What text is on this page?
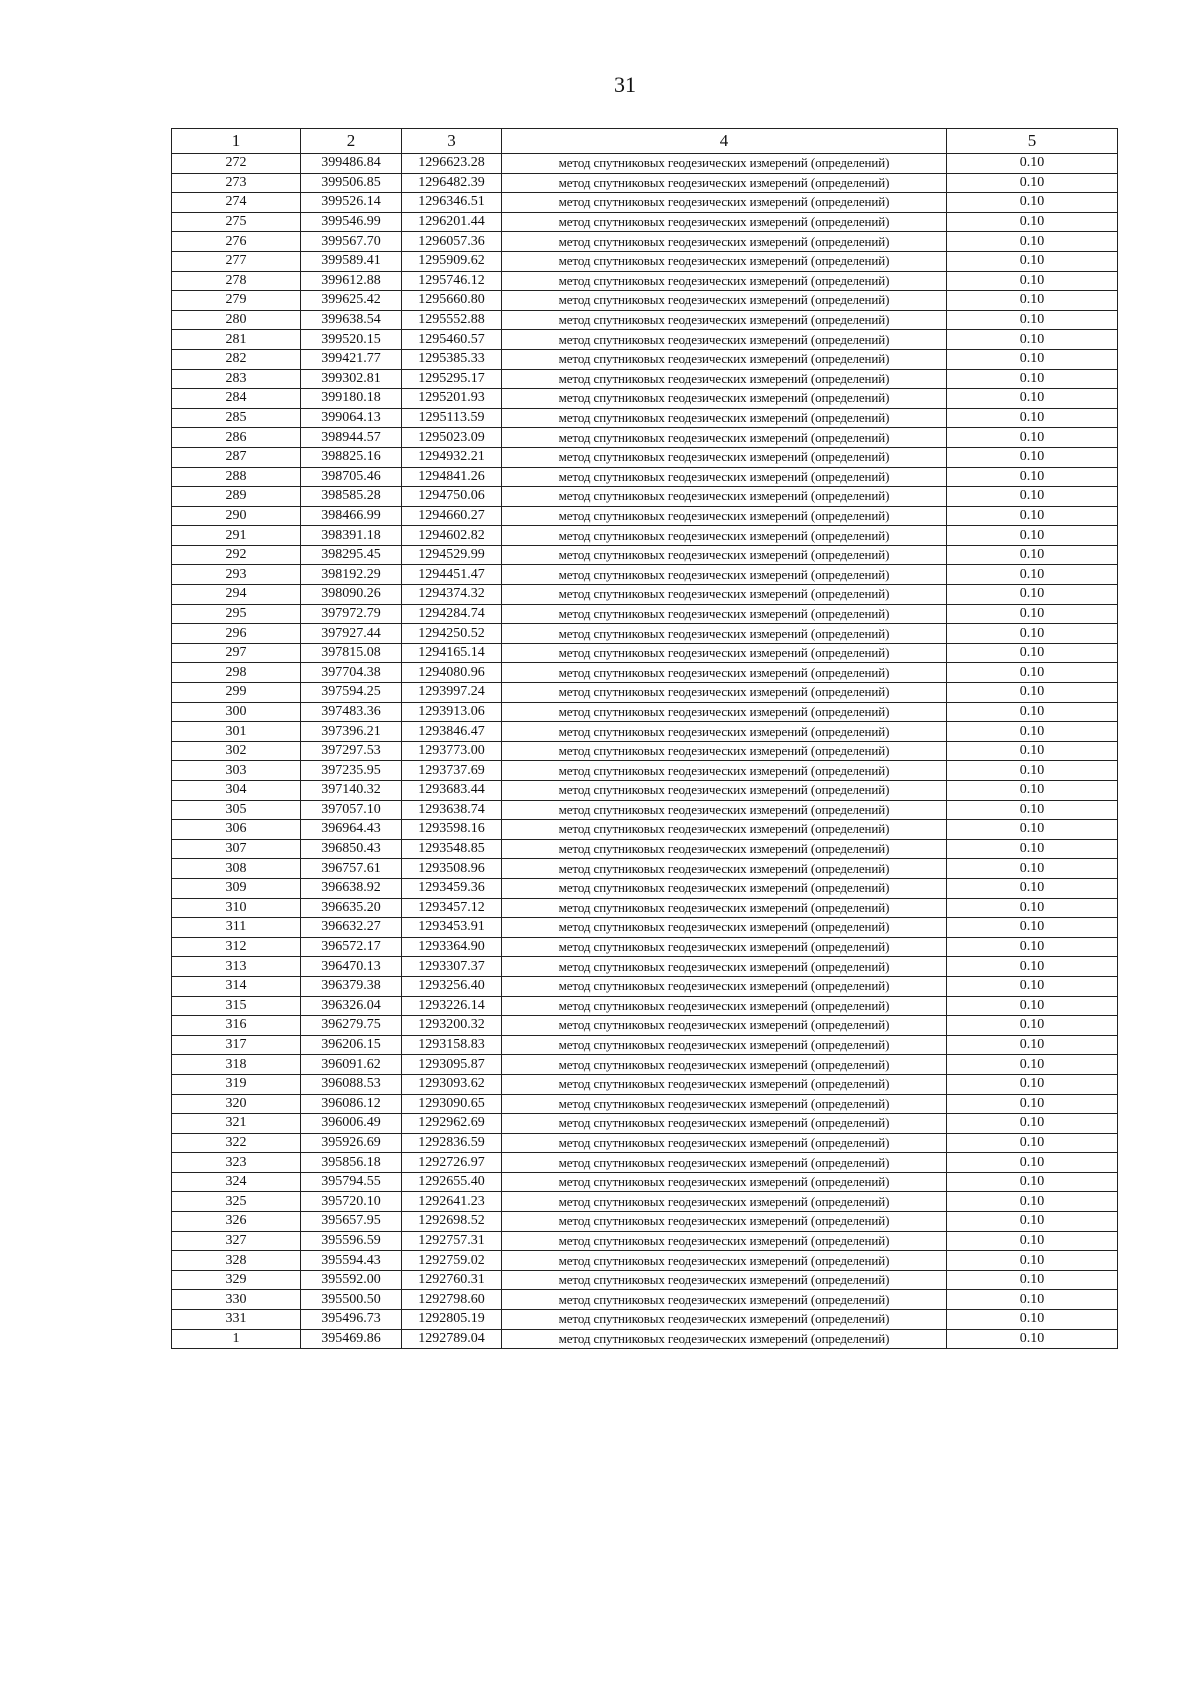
31
1	2	3	4	5
272	399486.84	1296623.28	метод спутниковых геодезических измерений (определений)	0.10
273	399506.85	1296482.39	метод спутниковых геодезических измерений (определений)	0.10
274	399526.14	1296346.51	метод спутниковых геодезических измерений (определений)	0.10
275	399546.99	1296201.44	метод спутниковых геодезических измерений (определений)	0.10
276	399567.70	1296057.36	метод спутниковых геодезических измерений (определений)	0.10
277	399589.41	1295909.62	метод спутниковых геодезических измерений (определений)	0.10
278	399612.88	1295746.12	метод спутниковых геодезических измерений (определений)	0.10
279	399625.42	1295660.80	метод спутниковых геодезических измерений (определений)	0.10
280	399638.54	1295552.88	метод спутниковых геодезических измерений (определений)	0.10
281	399520.15	1295460.57	метод спутниковых геодезических измерений (определений)	0.10
282	399421.77	1295385.33	метод спутниковых геодезических измерений (определений)	0.10
283	399302.81	1295295.17	метод спутниковых геодезических измерений (определений)	0.10
284	399180.18	1295201.93	метод спутниковых геодезических измерений (определений)	0.10
285	399064.13	1295113.59	метод спутниковых геодезических измерений (определений)	0.10
286	398944.57	1295023.09	метод спутниковых геодезических измерений (определений)	0.10
287	398825.16	1294932.21	метод спутниковых геодезических измерений (определений)	0.10
288	398705.46	1294841.26	метод спутниковых геодезических измерений (определений)	0.10
289	398585.28	1294750.06	метод спутниковых геодезических измерений (определений)	0.10
290	398466.99	1294660.27	метод спутниковых геодезических измерений (определений)	0.10
291	398391.18	1294602.82	метод спутниковых геодезических измерений (определений)	0.10
292	398295.45	1294529.99	метод спутниковых геодезических измерений (определений)	0.10
293	398192.29	1294451.47	метод спутниковых геодезических измерений (определений)	0.10
294	398090.26	1294374.32	метод спутниковых геодезических измерений (определений)	0.10
295	397972.79	1294284.74	метод спутниковых геодезических измерений (определений)	0.10
296	397927.44	1294250.52	метод спутниковых геодезических измерений (определений)	0.10
297	397815.08	1294165.14	метод спутниковых геодезических измерений (определений)	0.10
298	397704.38	1294080.96	метод спутниковых геодезических измерений (определений)	0.10
299	397594.25	1293997.24	метод спутниковых геодезических измерений (определений)	0.10
300	397483.36	1293913.06	метод спутниковых геодезических измерений (определений)	0.10
301	397396.21	1293846.47	метод спутниковых геодезических измерений (определений)	0.10
302	397297.53	1293773.00	метод спутниковых геодезических измерений (определений)	0.10
303	397235.95	1293737.69	метод спутниковых геодезических измерений (определений)	0.10
304	397140.32	1293683.44	метод спутниковых геодезических измерений (определений)	0.10
305	397057.10	1293638.74	метод спутниковых геодезических измерений (определений)	0.10
306	396964.43	1293598.16	метод спутниковых геодезических измерений (определений)	0.10
307	396850.43	1293548.85	метод спутниковых геодезических измерений (определений)	0.10
308	396757.61	1293508.96	метод спутниковых геодезических измерений (определений)	0.10
309	396638.92	1293459.36	метод спутниковых геодезических измерений (определений)	0.10
310	396635.20	1293457.12	метод спутниковых геодезических измерений (определений)	0.10
311	396632.27	1293453.91	метод спутниковых геодезических измерений (определений)	0.10
312	396572.17	1293364.90	метод спутниковых геодезических измерений (определений)	0.10
313	396470.13	1293307.37	метод спутниковых геодезических измерений (определений)	0.10
314	396379.38	1293256.40	метод спутниковых геодезических измерений (определений)	0.10
315	396326.04	1293226.14	метод спутниковых геодезических измерений (определений)	0.10
316	396279.75	1293200.32	метод спутниковых геодезических измерений (определений)	0.10
317	396206.15	1293158.83	метод спутниковых геодезических измерений (определений)	0.10
318	396091.62	1293095.87	метод спутниковых геодезических измерений (определений)	0.10
319	396088.53	1293093.62	метод спутниковых геодезических измерений (определений)	0.10
320	396086.12	1293090.65	метод спутниковых геодезических измерений (определений)	0.10
321	396006.49	1292962.69	метод спутниковых геодезических измерений (определений)	0.10
322	395926.69	1292836.59	метод спутниковых геодезических измерений (определений)	0.10
323	395856.18	1292726.97	метод спутниковых геодезических измерений (определений)	0.10
324	395794.55	1292655.40	метод спутниковых геодезических измерений (определений)	0.10
325	395720.10	1292641.23	метод спутниковых геодезических измерений (определений)	0.10
326	395657.95	1292698.52	метод спутниковых геодезических измерений (определений)	0.10
327	395596.59	1292757.31	метод спутниковых геодезических измерений (определений)	0.10
328	395594.43	1292759.02	метод спутниковых геодезических измерений (определений)	0.10
329	395592.00	1292760.31	метод спутниковых геодезических измерений (определений)	0.10
330	395500.50	1292798.60	метод спутниковых геодезических измерений (определений)	0.10
331	395496.73	1292805.19	метод спутниковых геодезических измерений (определений)	0.10
1	395469.86	1292789.04	метод спутниковых геодезических измерений (определений)	0.10
